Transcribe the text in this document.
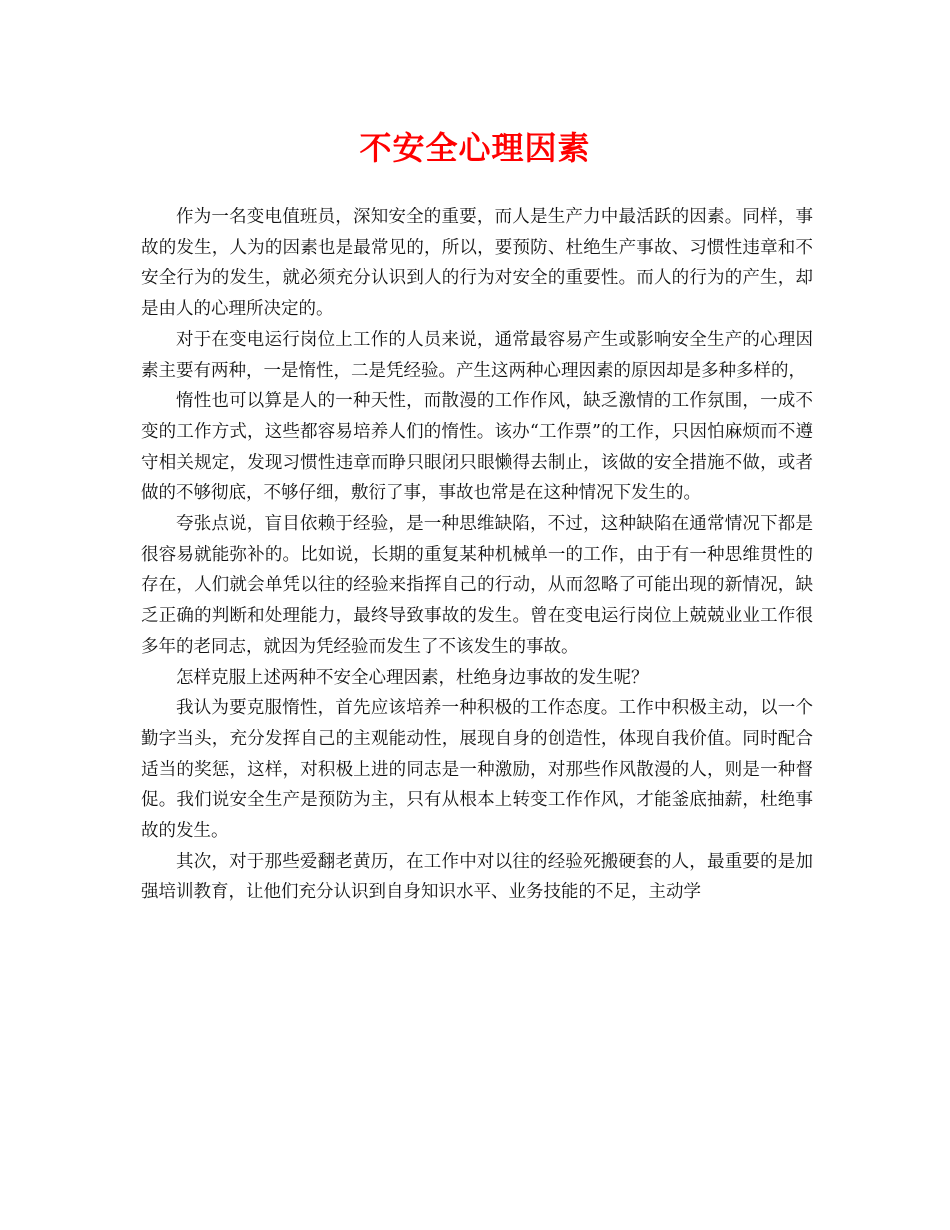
不安全心理因素

作为一名变电值班员，深知安全的重要，而人是生产力中最活跃的因素。同样，事故的发生，人为的因素也是最常见的，所以，要预防、杜绝生产事故、习惯性违章和不安全行为的发生，就必须充分认识到人的行为对安全的重要性。而人的行为的产生，却是由人的心理所决定的。

对于在变电运行岗位上工作的人员来说，通常最容易产生或影响安全生产的心理因素主要有两种，一是惰性，二是凭经验。产生这两种心理因素的原因却是多种多样的，

惰性也可以算是人的一种天性，而散漫的工作作风，缺乏激情的工作氛围，一成不变的工作方式，这些都容易培养人们的惰性。该办“工作票”的工作，只因怕麻烦而不遵守相关规定，发现习惯性违章而睁只眼闭只眼懒得去制止，该做的安全措施不做，或者做的不够彻底，不够仔细，敷衍了事，事故也常是在这种情况下发生的。

夸张点说，盲目依赖于经验，是一种思维缺陷，不过，这种缺陷在通常情况下都是很容易就能弥补的。比如说，长期的重复某种机械单一的工作，由于有一种思维贯性的存在，人们就会单凭以往的经验来指挥自己的行动，从而忽略了可能出现的新情况，缺乏正确的判断和处理能力，最终导致事故的发生。曾在变电运行岗位上兢兢业业工作很多年的老同志，就因为凭经验而发生了不该发生的事故。

怎样克服上述两种不安全心理因素，杜绝身边事故的发生呢？

我认为要克服惰性，首先应该培养一种积极的工作态度。工作中积极主动，以一个勤字当头，充分发挥自己的主观能动性，展现自身的创造性，体现自我价值。同时配合适当的奖惩，这样，对积极上进的同志是一种激励，对那些作风散漫的人，则是一种督促。我们说安全生产是预防为主，只有从根本上转变工作作风，才能釜底抽薪，杜绝事故的发生。

其次，对于那些爱翻老黄历，在工作中对以往的经验死搬硬套的人，最重要的是加强培训教育，让他们充分认识到自身知识水平、业务技能的不足，主动学
